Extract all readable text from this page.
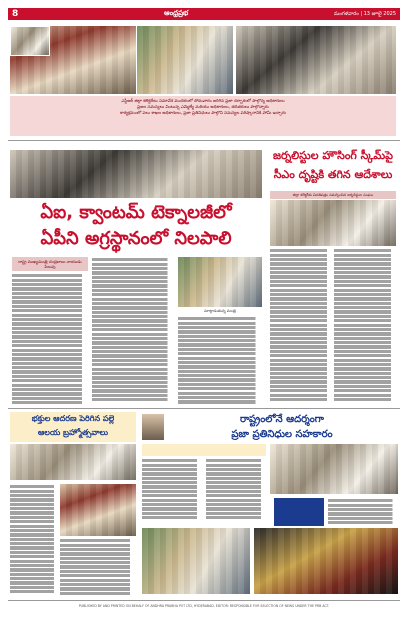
8	ఆంధ్రప్రభ	మంగళవారం | 13 జూలై 2025
ఎస్టీఆర్ జిల్లా కలెక్టరేటు సమావేశ మందిరంలో సోమవారం జరిగిన ప్రజా దర్బారులో పాల్గొన్న అధికారులు
ప్రజల సమస్యలు వింటున్న ఎమ్మెల్యే మరియు అధికారులు, తదితరులు పాల్గొన్నారు
కార్యక్రమంలో పలు శాఖల అధికారులు, ప్రజా ప్రతినిధులు పాల్గొని సమస్యల పరిష్కారానికి హామీ ఇచ్చారు
ఏఐ, క్వాంటమ్ టెక్నాలజీలో
ఏపీని అగ్రస్థానంలో నిలపాలి
రాష్ట్ర ముఖ్యమంత్రి చంద్రబాబు నాయుడు పిలుపు
మాట్లాడుతున్న మంత్రి
జర్నలిస్టుల హౌసింగ్ స్కీమ్‌పై
సీఎం దృష్టికి తగిన ఆదేశాలు
జిల్లా కలెక్టర్‌కు వినతిపత్రం సమర్పించిన జర్నలిస్టుల సంఘం
భక్తుల ఆదరణ పెరిగిన పల్లె
ఆలయ బ్రహ్మోత్సవాలు
రాష్ట్రంలోనే ఆదర్శంగా
ప్రజా ప్రతినిధుల సహకారం
PUBLISHED BY AND PRINTED ON BEHALF OF ANDHRA PRABHA PVT LTD, HYDERABAD. EDITOR: RESPONSIBLE FOR SELECTION OF NEWS UNDER THE PRB ACT.
